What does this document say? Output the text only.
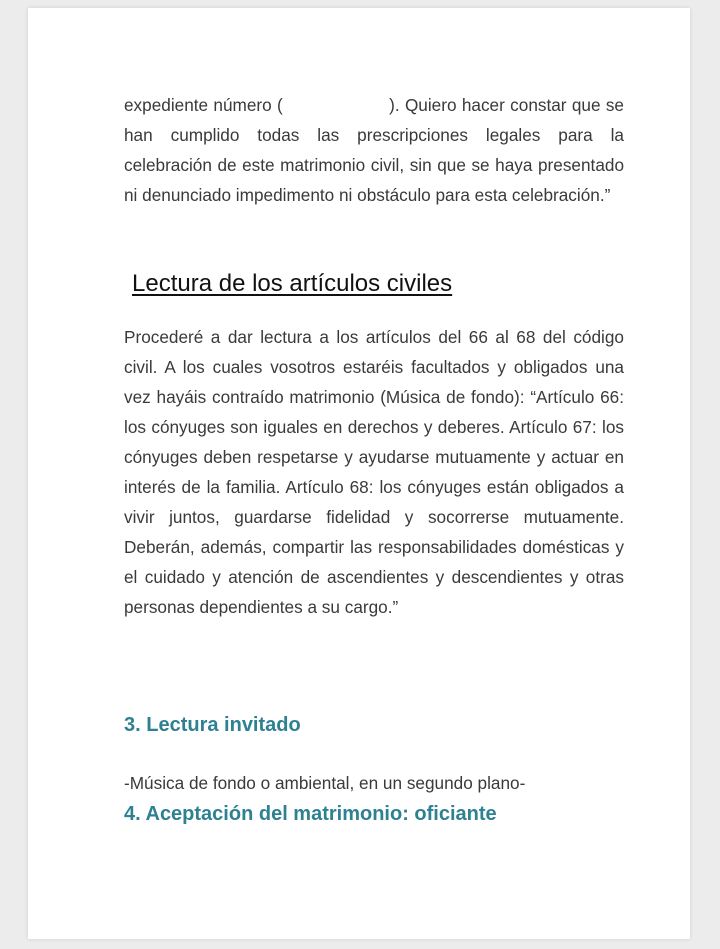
expediente número (                    ). Quiero hacer constar que se han cumplido todas las prescripciones legales para la celebración de este matrimonio civil, sin que se haya presentado ni denunciado impedimento ni obstáculo para esta celebración.”

Lectura de los artículos civiles

Procederé a dar lectura a los artículos del 66 al 68 del código civil. A los cuales vosotros estaréis facultados y obligados una vez hayáis contraído matrimonio (Música de fondo): “Artículo 66: los cónyuges son iguales en derechos y deberes. Artículo 67: los cónyuges deben respetarse y ayudarse mutuamente y actuar en interés de la familia. Artículo 68: los cónyuges están obligados a vivir juntos, guardarse fidelidad y socorrerse mutuamente. Deberán, además, compartir las responsabilidades domésticas y el cuidado y atención de ascendientes y descendientes y otras personas dependientes a su cargo.”

3. Lectura invitado

-Música de fondo o ambiental, en un segundo plano-

4. Aceptación del matrimonio: oficiante
